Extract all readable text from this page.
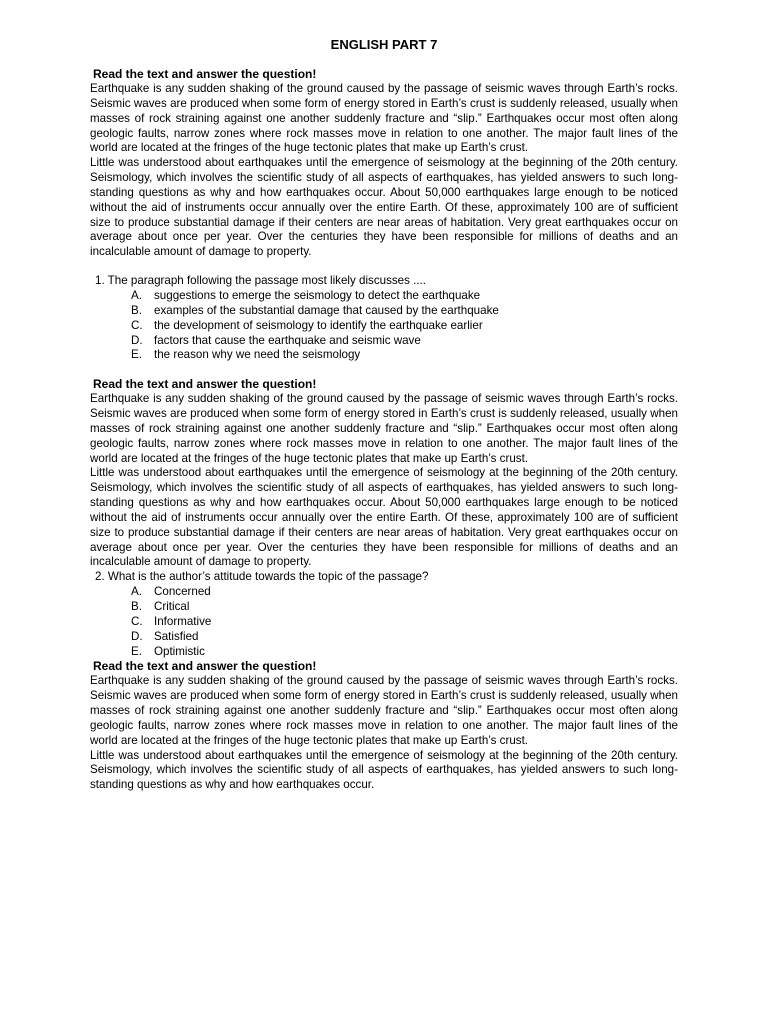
ENGLISH PART 7
Read the text and answer the question!

Earthquake is any sudden shaking of the ground caused by the passage of seismic waves through Earth’s rocks. Seismic waves are produced when some form of energy stored in Earth’s crust is suddenly released, usually when masses of rock straining against one another suddenly fracture and “slip.” Earthquakes occur most often along geologic faults, narrow zones where rock masses move in relation to one another. The major fault lines of the world are located at the fringes of the huge tectonic plates that make up Earth’s crust.

Little was understood about earthquakes until the emergence of seismology at the beginning of the 20th century. Seismology, which involves the scientific study of all aspects of earthquakes, has yielded answers to such long-standing questions as why and how earthquakes occur. About 50,000 earthquakes large enough to be noticed without the aid of instruments occur annually over the entire Earth. Of these, approximately 100 are of sufficient size to produce substantial damage if their centers are near areas of habitation. Very great earthquakes occur on average about once per year. Over the centuries they have been responsible for millions of deaths and an incalculable amount of damage to property.

1. The paragraph following the passage most likely discusses ....
A.	suggestions to emerge the seismology to detect the earthquake
B.	examples of the substantial damage that caused by the earthquake
C. the development of seismology to identify the earthquake earlier
D. factors that cause the earthquake and seismic wave
E.	the reason why we need the seismology
Read the text and answer the question!

Earthquake is any sudden shaking of the ground caused by the passage of seismic waves through Earth’s rocks. Seismic waves are produced when some form of energy stored in Earth’s crust is suddenly released, usually when masses of rock straining against one another suddenly fracture and “slip.” Earthquakes occur most often along geologic faults, narrow zones where rock masses move in relation to one another. The major fault lines of the world are located at the fringes of the huge tectonic plates that make up Earth’s crust.

Little was understood about earthquakes until the emergence of seismology at the beginning of the 20th century. Seismology, which involves the scientific study of all aspects of earthquakes, has yielded answers to such long-standing questions as why and how earthquakes occur. About 50,000 earthquakes large enough to be noticed without the aid of instruments occur annually over the entire Earth. Of these, approximately 100 are of sufficient size to produce substantial damage if their centers are near areas of habitation. Very great earthquakes occur on average about once per year. Over the centuries they have been responsible for millions of deaths and an incalculable amount of damage to property.

2. What is the author’s attitude towards the topic of the passage?
A.	Concerned
B.	Critical
C. Informative
D. Satisfied
E.	Optimistic
Read the text and answer the question!

Earthquake is any sudden shaking of the ground caused by the passage of seismic waves through Earth’s rocks. Seismic waves are produced when some form of energy stored in Earth’s crust is suddenly released, usually when masses of rock straining against one another suddenly fracture and “slip.” Earthquakes occur most often along geologic faults, narrow zones where rock masses move in relation to one another. The major fault lines of the world are located at the fringes of the huge tectonic plates that make up Earth’s crust.

Little was understood about earthquakes until the emergence of seismology at the beginning of the 20th century. Seismology, which involves the scientific study of all aspects of earthquakes, has yielded answers to such long-standing questions as why and how earthquakes occur.
